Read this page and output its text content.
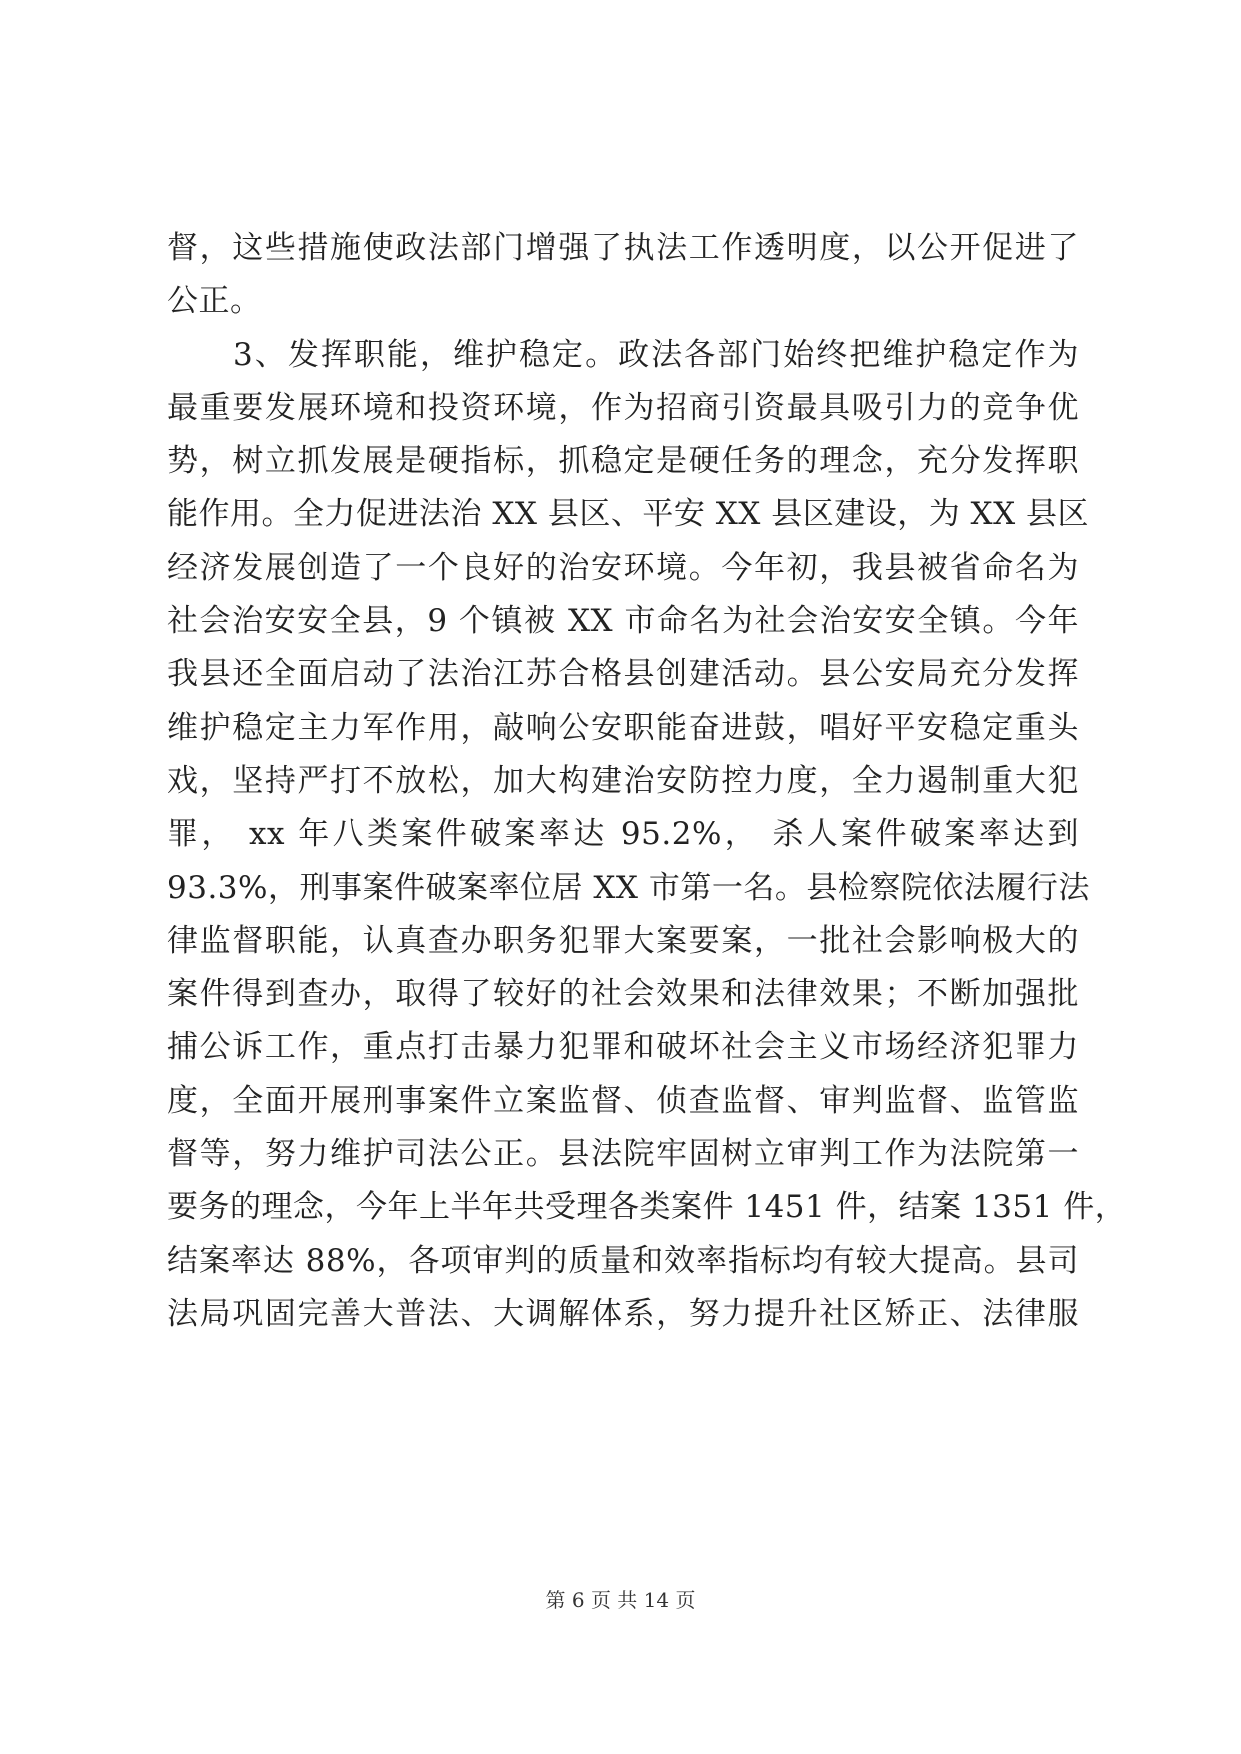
督，这些措施使政法部门增强了执法工作透明度，以公开促进了
公正。
　　3、发挥职能，维护稳定。政法各部门始终把维护稳定作为
最重要发展环境和投资环境，作为招商引资最具吸引力的竞争优
势，树立抓发展是硬指标，抓稳定是硬任务的理念，充分发挥职
能作用。全力促进法治 XX 县区、平安 XX 县区建设，为 XX 县区
经济发展创造了一个良好的治安环境。今年初，我县被省命名为
社会治安安全县，9 个镇被 XX 市命名为社会治安安全镇。今年
我县还全面启动了法治江苏合格县创建活动。县公安局充分发挥
维护稳定主力军作用，敲响公安职能奋进鼓，唱好平安稳定重头
戏，坚持严打不放松，加大构建治安防控力度，全力遏制重大犯
罪， xx 年八类案件破案率达 95.2%， 杀人案件破案率达到
93.3%，刑事案件破案率位居 XX 市第一名。县检察院依法履行法
律监督职能，认真查办职务犯罪大案要案，一批社会影响极大的
案件得到查办，取得了较好的社会效果和法律效果；不断加强批
捕公诉工作，重点打击暴力犯罪和破坏社会主义市场经济犯罪力
度，全面开展刑事案件立案监督、侦查监督、审判监督、监管监
督等，努力维护司法公正。县法院牢固树立审判工作为法院第一
要务的理念，今年上半年共受理各类案件 1451 件，结案 1351 件，
结案率达 88%，各项审判的质量和效率指标均有较大提高。县司
法局巩固完善大普法、大调解体系，努力提升社区矫正、法律服
第 6 页 共 14 页
